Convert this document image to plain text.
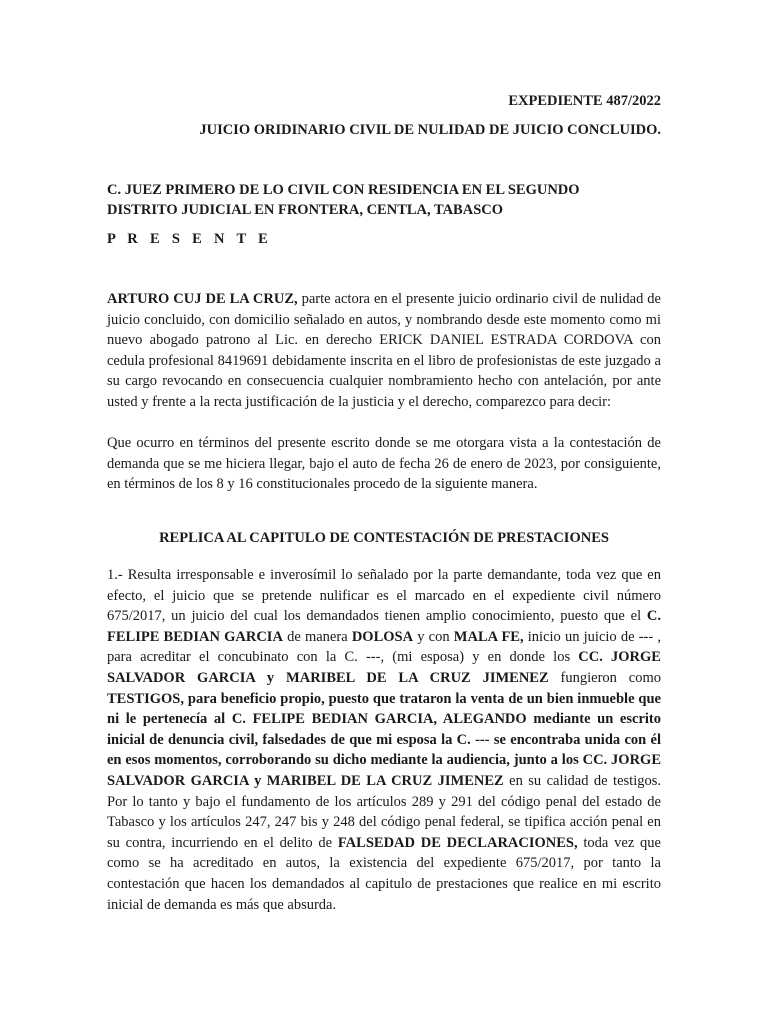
EXPEDIENTE 487/2022
JUICIO ORIDINARIO CIVIL DE NULIDAD DE JUICIO CONCLUIDO.
C. JUEZ PRIMERO DE LO CIVIL CON RESIDENCIA EN EL SEGUNDO
DISTRITO JUDICIAL EN FRONTERA, CENTLA, TABASCO
P R E S E N T E
ARTURO CUJ DE LA CRUZ, parte actora en el presente juicio ordinario civil de nulidad de juicio concluido, con domicilio señalado en autos, y nombrando desde este momento como mi nuevo abogado patrono al Lic. en derecho ERICK DANIEL ESTRADA CORDOVA con cedula profesional 8419691 debidamente inscrita en el libro de profesionistas de este juzgado a su cargo revocando en consecuencia cualquier nombramiento hecho con antelación, por ante usted y frente a la recta justificación de la justicia y el derecho, comparezco para decir:
Que ocurro en términos del presente escrito donde se me otorgara vista a la contestación de demanda que se me hiciera llegar, bajo el auto de fecha 26 de enero de 2023, por consiguiente, en términos de los 8 y 16 constitucionales procedo de la siguiente manera.
REPLICA AL CAPITULO DE CONTESTACIÓN DE PRESTACIONES
1.- Resulta irresponsable e inverosímil lo señalado por la parte demandante, toda vez que en efecto, el juicio que se pretende nulificar es el marcado en el expediente civil número 675/2017, un juicio del cual los demandados tienen amplio conocimiento, puesto que el C. FELIPE BEDIAN GARCIA de manera DOLOSA y con MALA FE, inicio un juicio de --- , para acreditar el concubinato con la C. ---, (mi esposa) y en donde los CC. JORGE SALVADOR GARCIA y MARIBEL DE LA CRUZ JIMENEZ fungieron como TESTIGOS, para beneficio propio, puesto que trataron la venta de un bien inmueble que ni le pertenecía al C. FELIPE BEDIAN GARCIA, ALEGANDO mediante un escrito inicial de denuncia civil, falsedades de que mi esposa la C. --- se encontraba unida con él en esos momentos, corroborando su dicho mediante la audiencia, junto a los CC. JORGE SALVADOR GARCIA y MARIBEL DE LA CRUZ JIMENEZ en su calidad de testigos. Por lo tanto y bajo el fundamento de los artículos 289 y 291 del código penal del estado de Tabasco y los artículos 247, 247 bis y 248 del código penal federal, se tipifica acción penal en su contra, incurriendo en el delito de FALSEDAD DE DECLARACIONES, toda vez que como se ha acreditado en autos, la existencia del expediente 675/2017, por tanto la contestación que hacen los demandados al capitulo de prestaciones que realice en mi escrito inicial de demanda es más que absurda.
